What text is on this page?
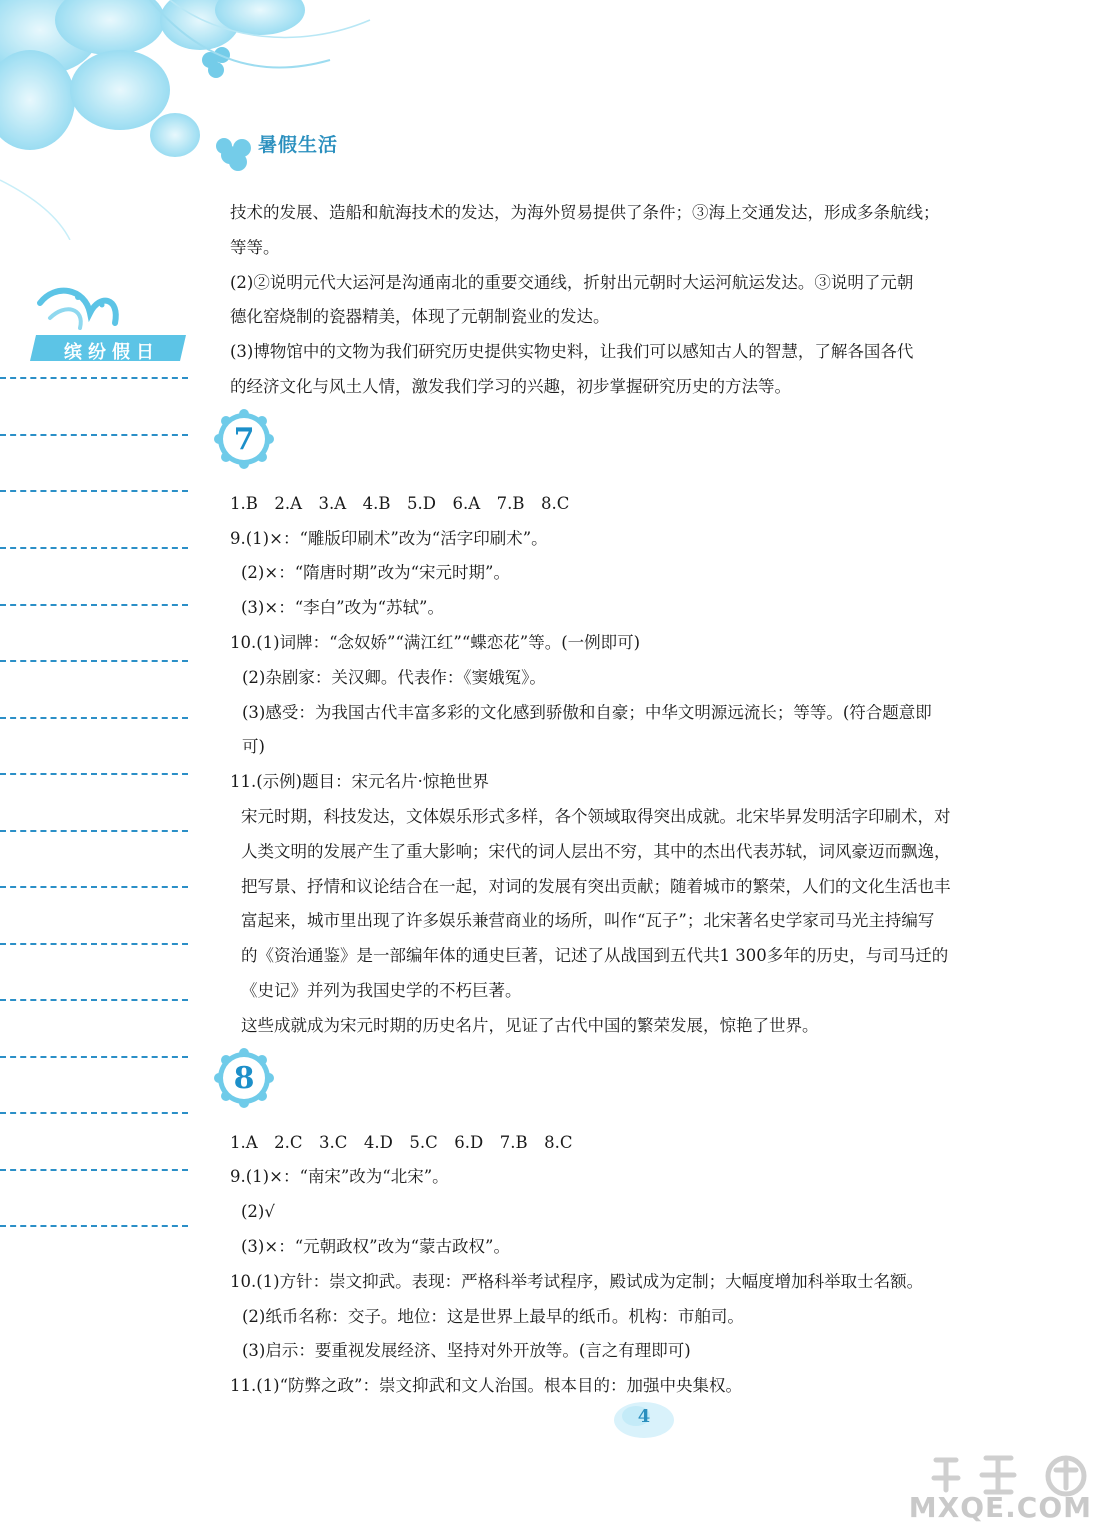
暑假生活
缤纷假日
技术的发展、造船和航海技术的发达，为海外贸易提供了条件；③海上交通发达，形成多条航线；
等等。
(2)②说明元代大运河是沟通南北的重要交通线，折射出元朝时大运河航运发达。③说明了元朝
德化窑烧制的瓷器精美，体现了元朝制瓷业的发达。
(3)博物馆中的文物为我们研究历史提供实物史料，让我们可以感知古人的智慧，了解各国各代
的经济文化与风土人情，激发我们学习的兴趣，初步掌握研究历史的方法等。
7
1.B　2.A　3.A　4.B　5.D　6.A　7.B　8.C
9.(1)×：“雕版印刷术”改为“活字印刷术”。
(2)×：“隋唐时期”改为“宋元时期”。
(3)×：“李白”改为“苏轼”。
10.(1)词牌：“念奴娇”“满江红”“蝶恋花”等。(一例即可)
(2)杂剧家：关汉卿。代表作：《窦娥冤》。
(3)感受：为我国古代丰富多彩的文化感到骄傲和自豪；中华文明源远流长；等等。(符合题意即
可)
11.(示例)题目：宋元名片·惊艳世界
宋元时期，科技发达，文体娱乐形式多样，各个领域取得突出成就。北宋毕昇发明活字印刷术，对
人类文明的发展产生了重大影响；宋代的词人层出不穷，其中的杰出代表苏轼，词风豪迈而飘逸，
把写景、抒情和议论结合在一起，对词的发展有突出贡献；随着城市的繁荣，人们的文化生活也丰
富起来，城市里出现了许多娱乐兼营商业的场所，叫作“瓦子”；北宋著名史学家司马光主持编写
的《资治通鉴》是一部编年体的通史巨著，记述了从战国到五代共1 300多年的历史，与司马迁的
《史记》并列为我国史学的不朽巨著。
这些成就成为宋元时期的历史名片，见证了古代中国的繁荣发展，惊艳了世界。
8
1.A　2.C　3.C　4.D　5.C　6.D　7.B　8.C
9.(1)×：“南宋”改为“北宋”。
(2)√
(3)×：“元朝政权”改为“蒙古政权”。
10.(1)方针：崇文抑武。表现：严格科举考试程序，殿试成为定制；大幅度增加科举取士名额。
(2)纸币名称：交子。地位：这是世界上最早的纸币。机构：市舶司。
(3)启示：要重视发展经济、坚持对外开放等。(言之有理即可)
11.(1)“防弊之政”：崇文抑武和文人治国。根本目的：加强中央集权。
4
MXQE.COM
